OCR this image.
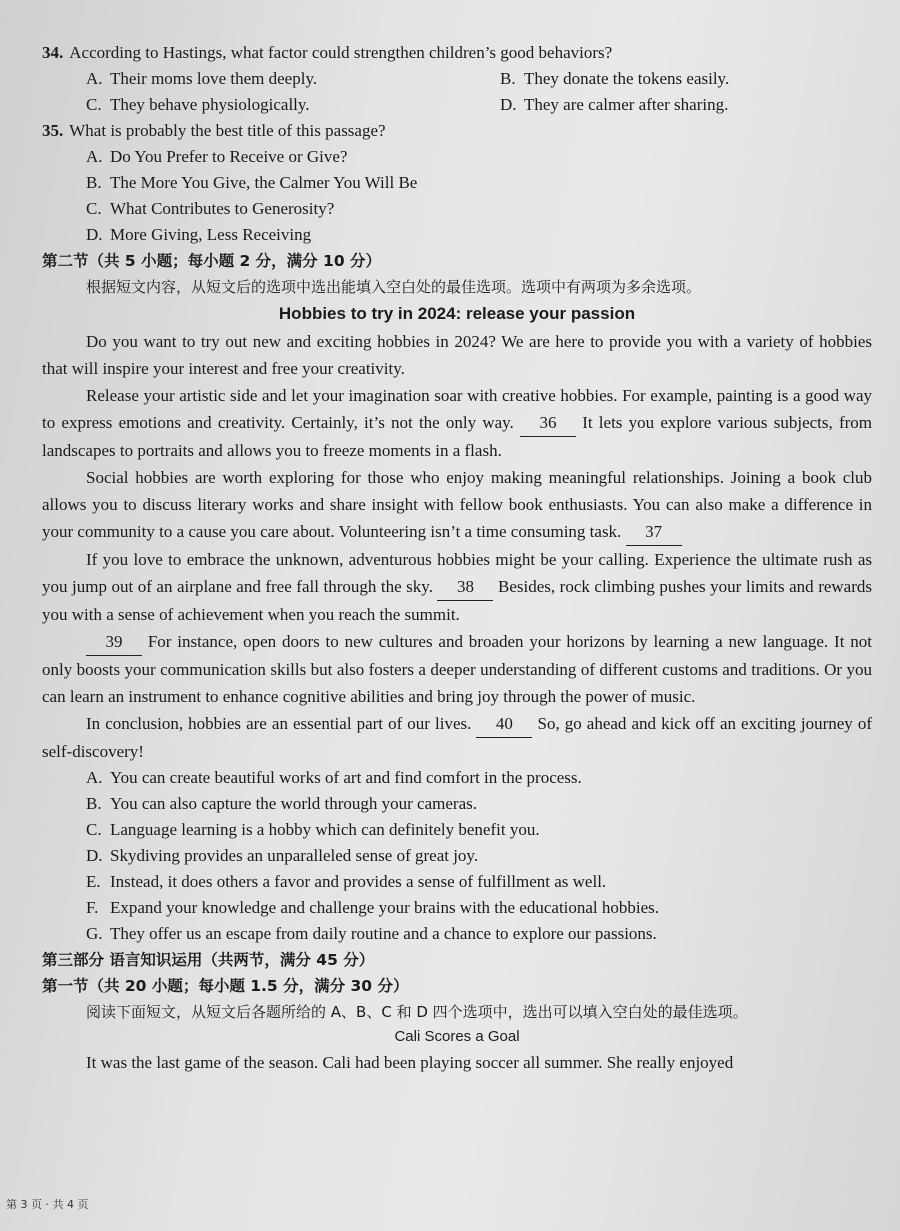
34. According to Hastings, what factor could strengthen children’s good behaviors?
A. Their moms love them deeply.	B. They donate the tokens easily.
C. They behave physiologically.	D. They are calmer after sharing.
35. What is probably the best title of this passage?
A. Do You Prefer to Receive or Give?
B. The More You Give, the Calmer You Will Be
C. What Contributes to Generosity?
D. More Giving, Less Receiving
第二节（共 5 小题；每小题 2 分，满分 10 分）
根据短文内容，从短文后的选项中选出能填入空白处的最佳选项。选项中有两项为多余选项。
Hobbies to try in 2024: release your passion
Do you want to try out new and exciting hobbies in 2024? We are here to provide you with a variety of hobbies that will inspire your interest and free your creativity.
Release your artistic side and let your imagination soar with creative hobbies. For example, painting is a good way to express emotions and creativity. Certainly, it’s not the only way. 36 It lets you explore various subjects, from landscapes to portraits and allows you to freeze moments in a flash.
Social hobbies are worth exploring for those who enjoy making meaningful relationships. Joining a book club allows you to discuss literary works and share insight with fellow book enthusiasts. You can also make a difference in your community to a cause you care about. Volunteering isn’t a time consuming task. 37
If you love to embrace the unknown, adventurous hobbies might be your calling. Experience the ultimate rush as you jump out of an airplane and free fall through the sky. 38 Besides, rock climbing pushes your limits and rewards you with a sense of achievement when you reach the summit.
39 For instance, open doors to new cultures and broaden your horizons by learning a new language. It not only boosts your communication skills but also fosters a deeper understanding of different customs and traditions. Or you can learn an instrument to enhance cognitive abilities and bring joy through the power of music.
In conclusion, hobbies are an essential part of our lives. 40 So, go ahead and kick off an exciting journey of self-discovery!
A. You can create beautiful works of art and find comfort in the process.
B. You can also capture the world through your cameras.
C. Language learning is a hobby which can definitely benefit you.
D. Skydiving provides an unparalleled sense of great joy.
E. Instead, it does others a favor and provides a sense of fulfillment as well.
F. Expand your knowledge and challenge your brains with the educational hobbies.
G. They offer us an escape from daily routine and a chance to explore our passions.
第三部分 语言知识运用（共两节，满分 45 分）
第一节（共 20 小题；每小题 1.5 分，满分 30 分）
阅读下面短文，从短文后各题所给的 A、B、C 和 D 四个选项中，选出可以填入空白处的最佳选项。
Cali Scores a Goal
It was the last game of the season. Cali had been playing soccer all summer. She really enjoyed
第 3 页 · 共 4 页
